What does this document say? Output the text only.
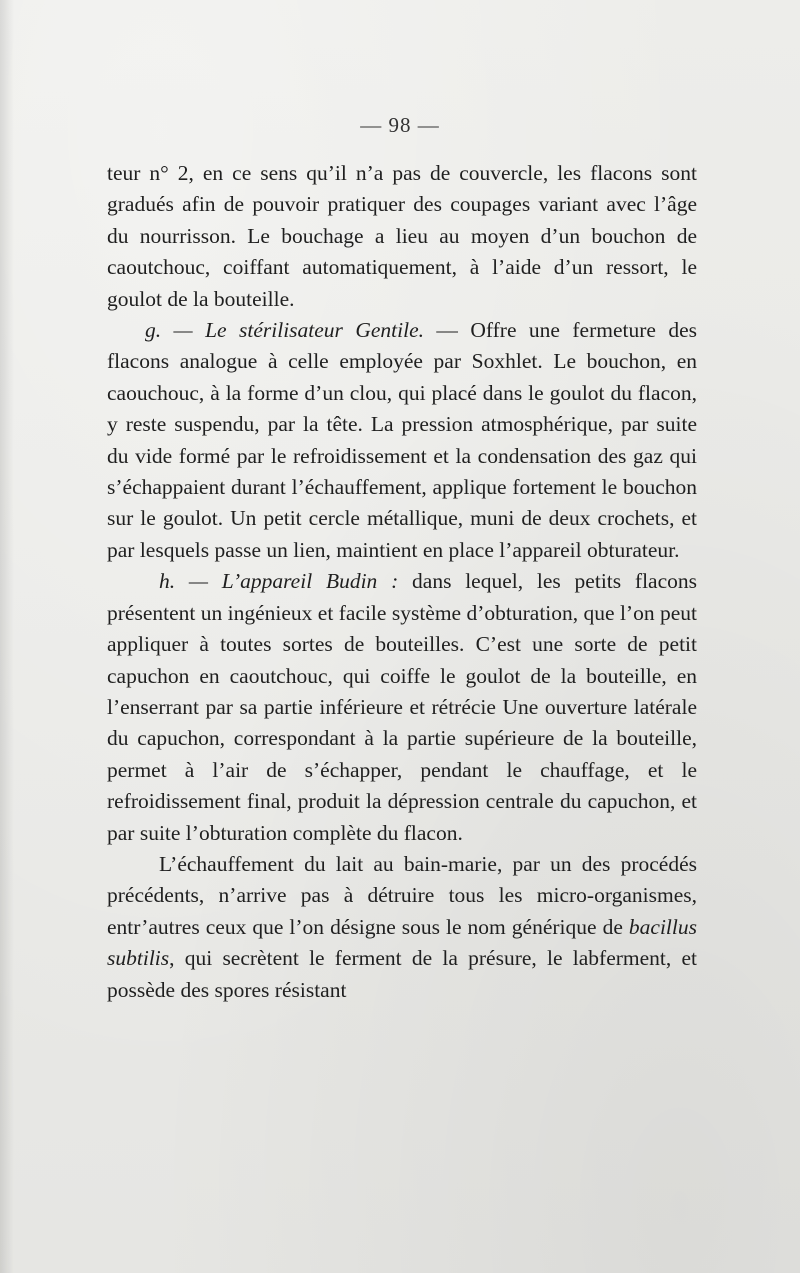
— 98 —

teur n° 2, en ce sens qu’il n’a pas de couvercle, les flacons sont gradués afin de pouvoir pratiquer des coupages variant avec l’âge du nourrisson. Le bouchage a lieu au moyen d’un bouchon de caoutchouc, coiffant automatiquement, à l’aide d’un ressort, le goulot de la bouteille.

g. — Le stérilisateur Gentile. — Offre une fermeture des flacons analogue à celle employée par Soxhlet. Le bouchon, en caouchouc, à la forme d’un clou, qui placé dans le goulot du flacon, y reste suspendu, par la tête. La pression atmosphérique, par suite du vide formé par le refroidissement et la condensation des gaz qui s’échappaient durant l’échauffement, applique fortement le bouchon sur le goulot. Un petit cercle métallique, muni de deux crochets, et par lesquels passe un lien, maintient en place l’appareil obturateur.

h. — L’appareil Budin : dans lequel, les petits flacons présentent un ingénieux et facile système d’obturation, que l’on peut appliquer à toutes sortes de bouteilles. C’est une sorte de petit capuchon en caoutchouc, qui coiffe le goulot de la bouteille, en l’enserrant par sa partie inférieure et rétrécie Une ouverture latérale du capuchon, correspondant à la partie supérieure de la bouteille, permet à l’air de s’échapper, pendant le chauffage, et le refroidissement final, produit la dépression centrale du capuchon, et par suite l’obturation complète du flacon.

L’échauffement du lait au bain-marie, par un des procédés précédents, n’arrive pas à détruire tous les micro-organismes, entr’autres ceux que l’on désigne sous le nom générique de bacillus subtilis, qui secrètent le ferment de la présure, le labferment, et possède des spores résistant
